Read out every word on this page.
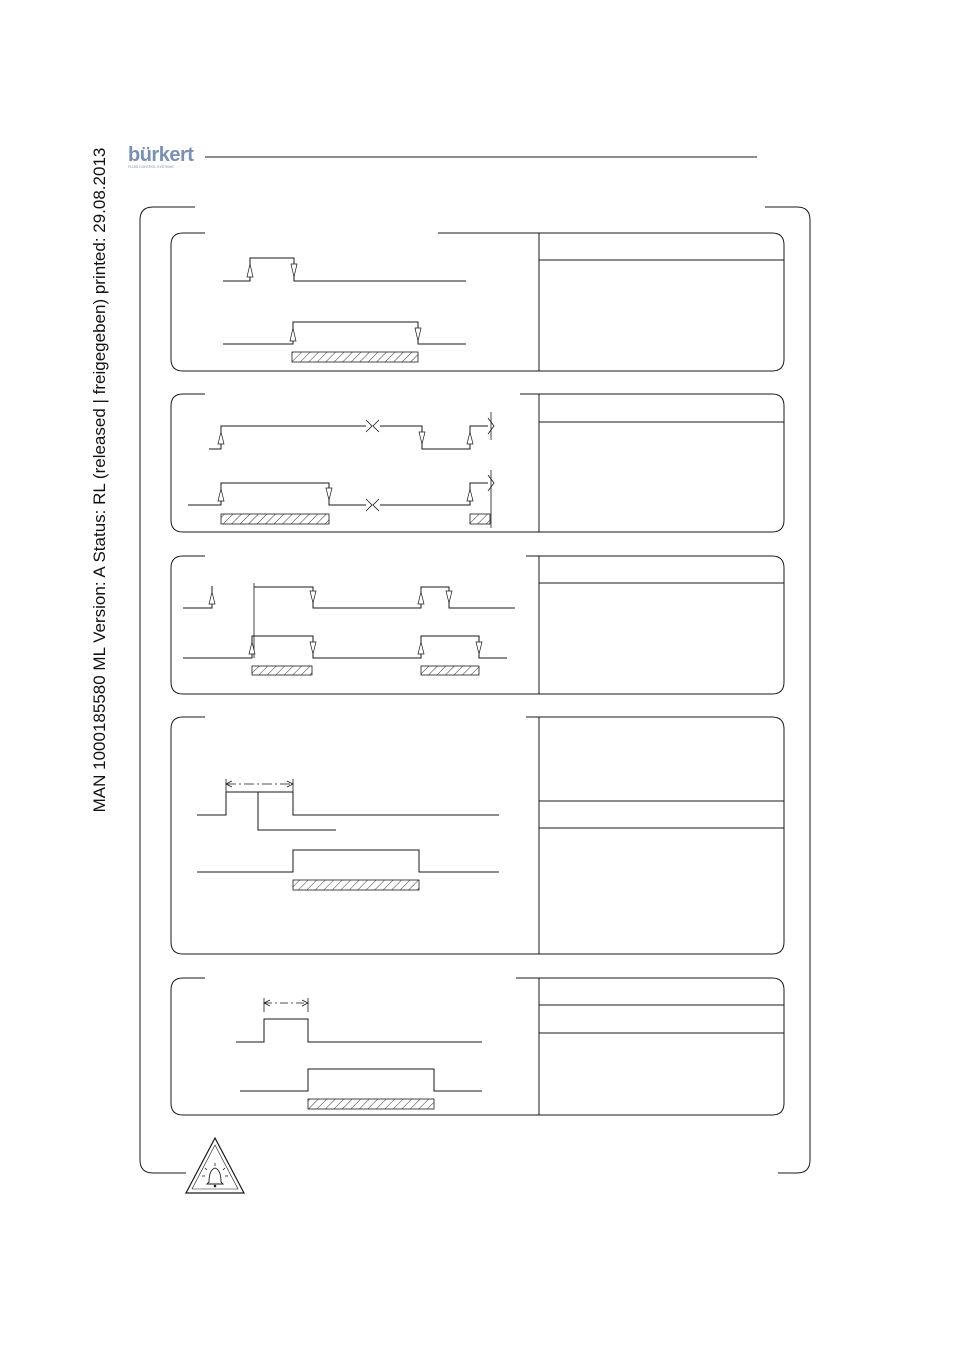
MAN 1000185580 ML Version: A Status: RL (released | freigegeben) printed: 29.08.2013 bürkert
FLUID CONTROL SYSTEMS
